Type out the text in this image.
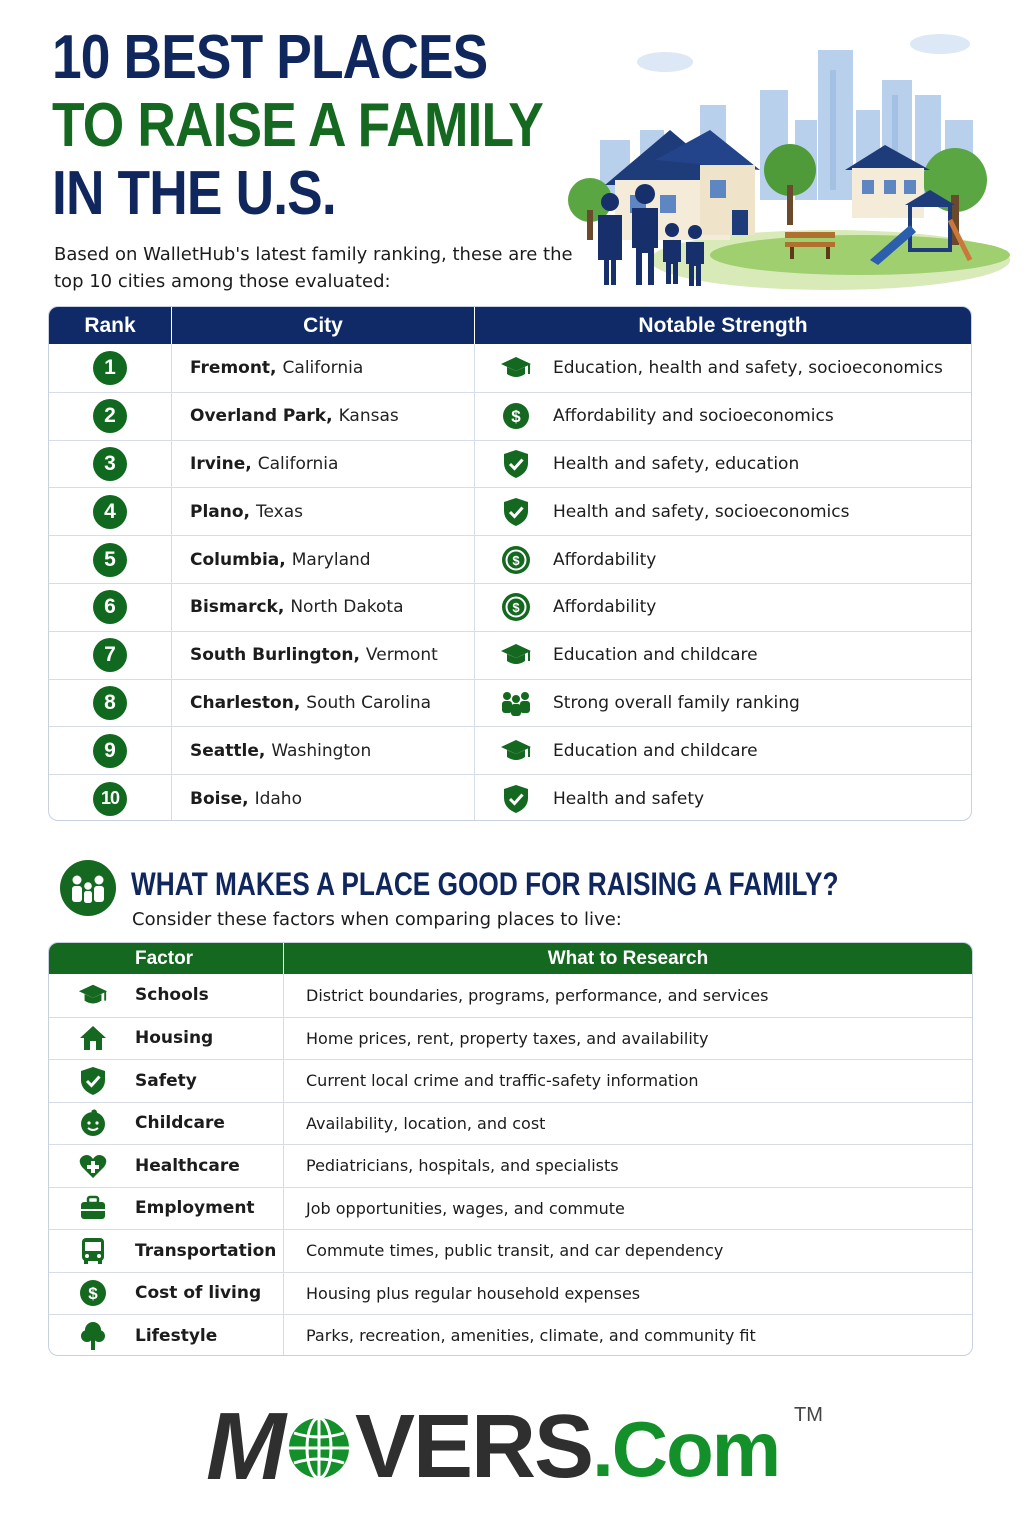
10 BEST PLACES
TO RAISE A FAMILY
IN THE U.S.
Based on WalletHub's latest family ranking, these are the top 10 cities among those evaluated:
Rank	City	Notable Strength
1	Fremont, California	Education, health and safety, socioeconomics
2	Overland Park, Kansas	$ Affordability and socioeconomics
3	Irvine, California	Health and safety, education
4	Plano, Texas	Health and safety, socioeconomics
5	Columbia, Maryland	$ Affordability
6	Bismarck, North Dakota	$ Affordability
7	South Burlington, Vermont	Education and childcare
8	Charleston, South Carolina	Strong overall family ranking
9	Seattle, Washington	Education and childcare
10	Boise, Idaho	Health and safety
WHAT MAKES A PLACE GOOD FOR RAISING A FAMILY?
Consider these factors when comparing places to live:
Factor	What to Research
Schools	District boundaries, programs, performance, and services
Housing	Home prices, rent, property taxes, and availability
Safety	Current local crime and traffic-safety information
Childcare	Availability, location, and cost
Healthcare	Pediatricians, hospitals, and specialists
Employment	Job opportunities, wages, and commute
Transportation	Commute times, public transit, and car dependency
$ Cost of living	Housing plus regular household expenses
Lifestyle	Parks, recreation, amenities, climate, and community fit
M VERS .Com TM
